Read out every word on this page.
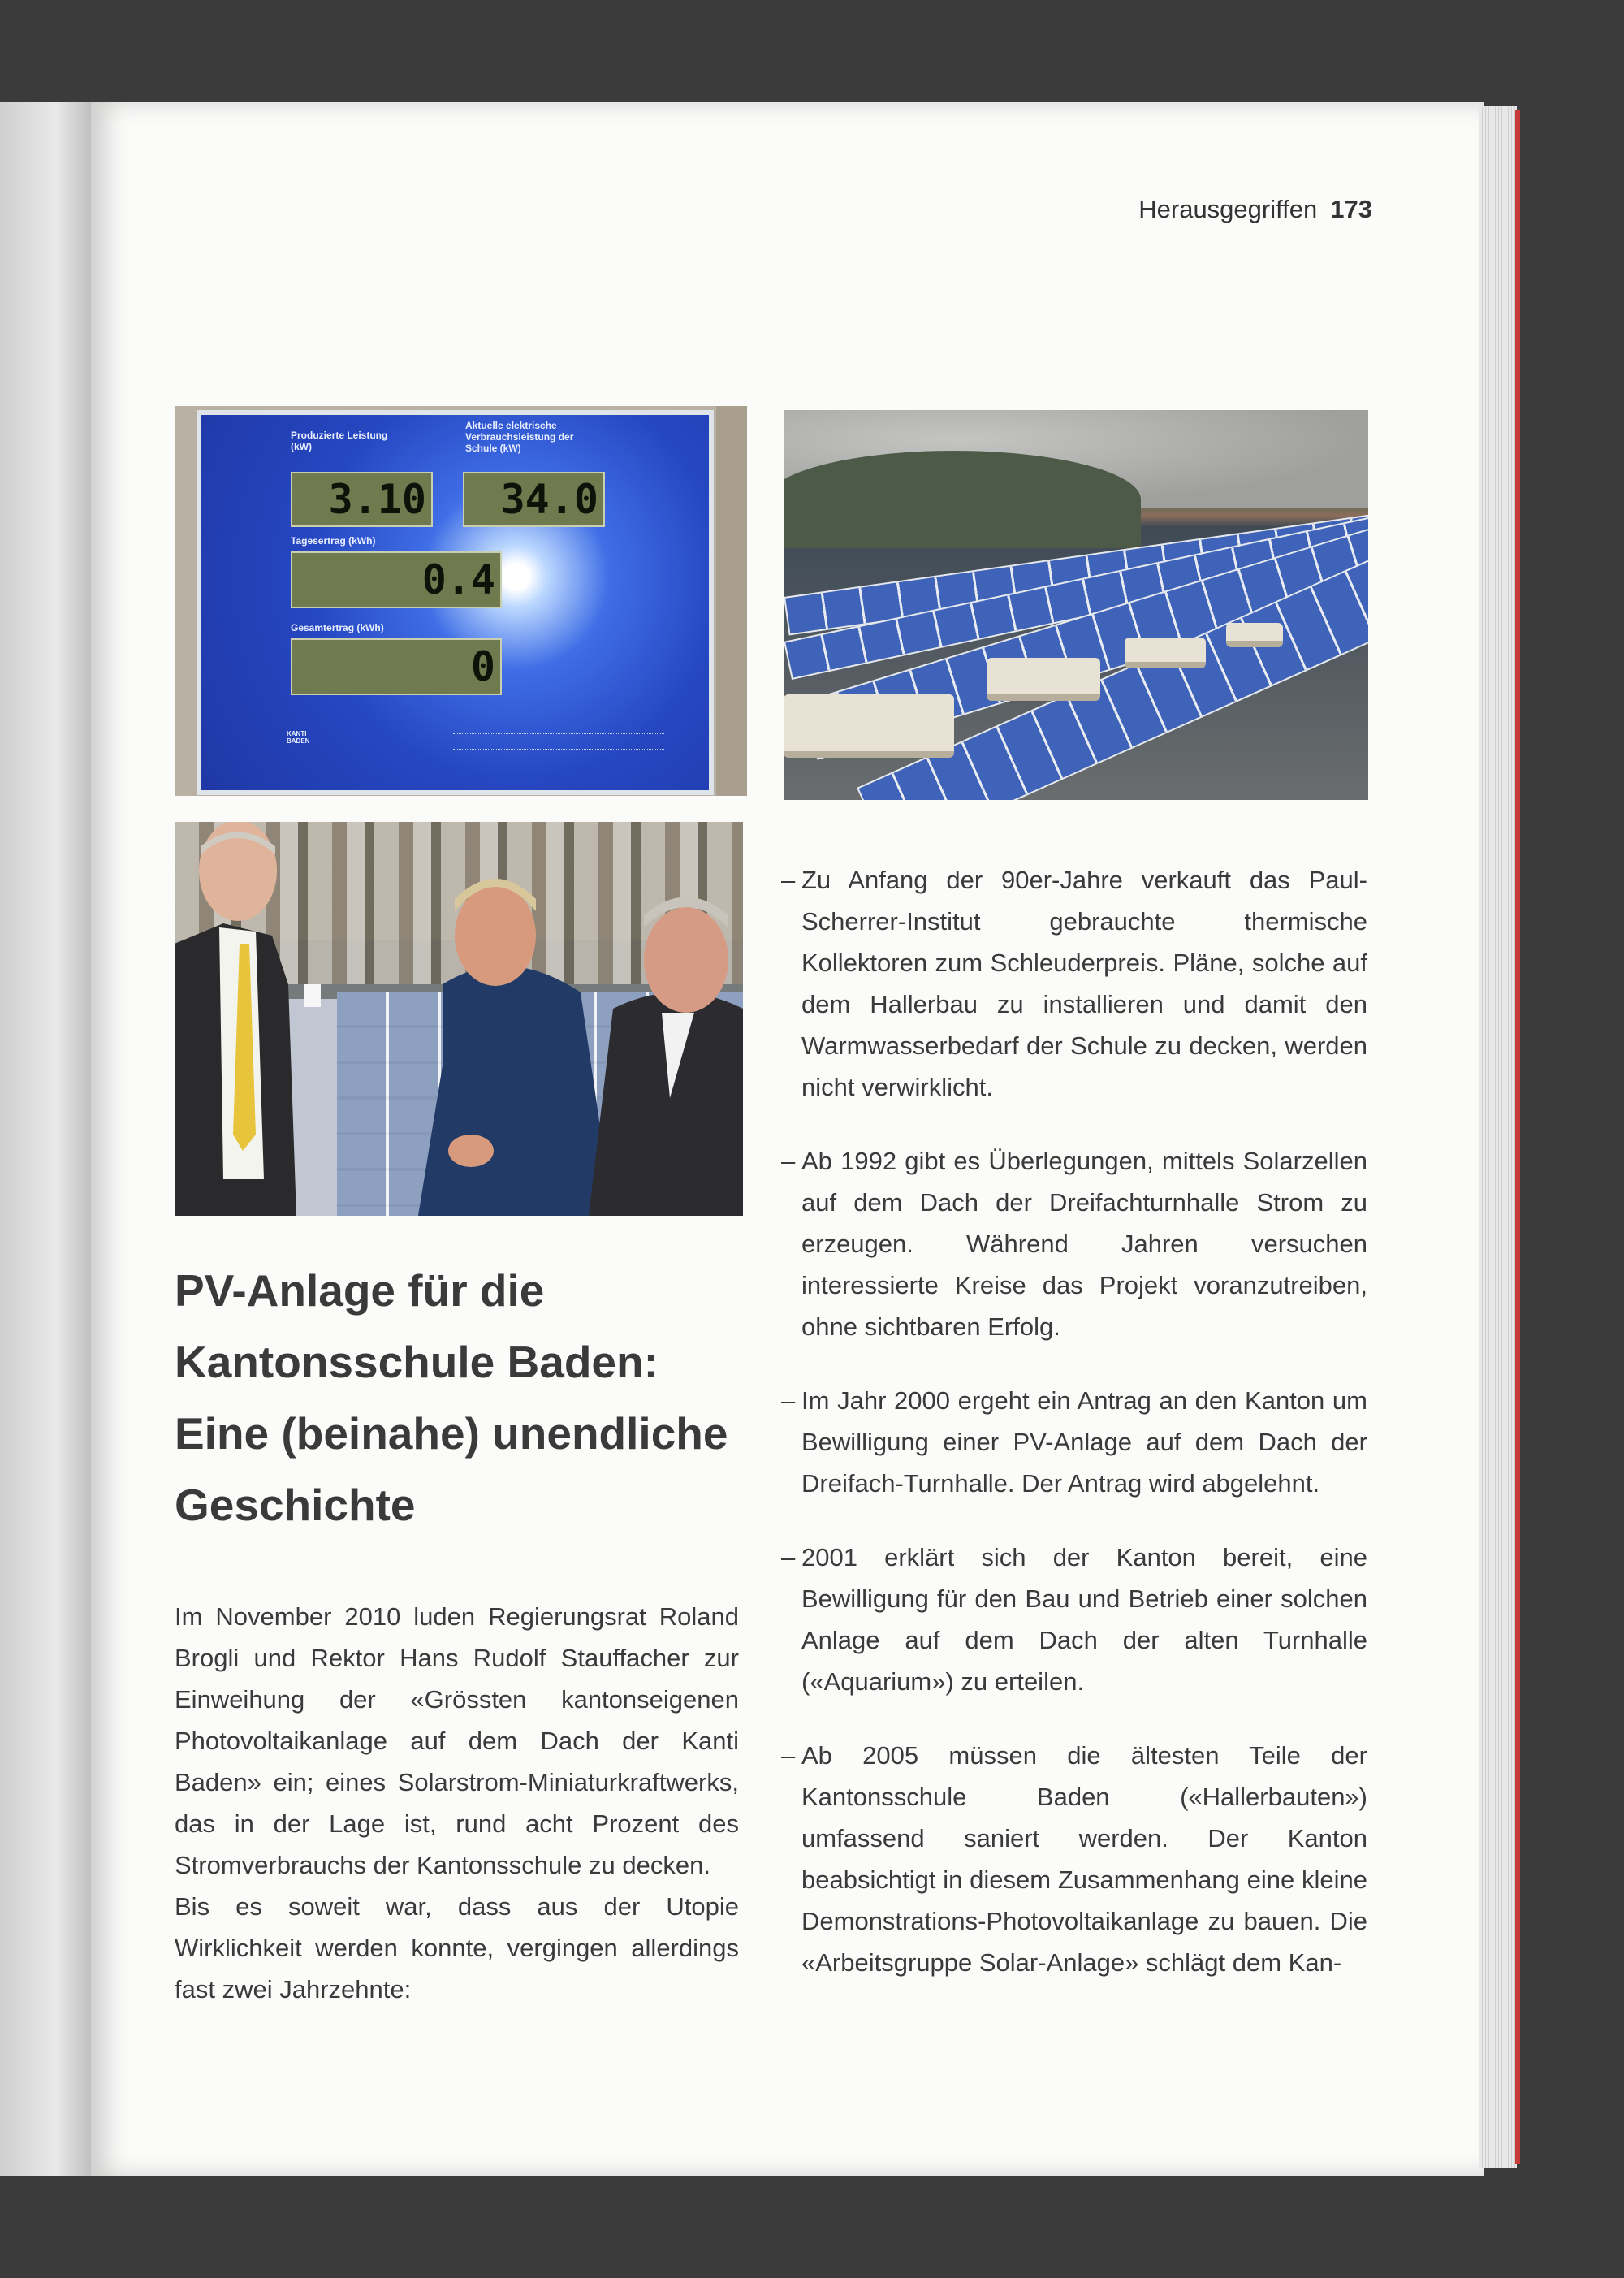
Herausgegriffen 173
Produzierte Leistung (kW)
Aktuelle elektrische Verbrauchsleistung der Schule (kW)
3.10	34.0
Tagesertrag (kWh)
0.4
Gesamtertrag (kWh)
0
KANTI BADEN
PV-Anlage für die Kantonsschule Baden: Eine (beinahe) unendliche Geschichte

Im November 2010 luden Regierungsrat Roland Brogli und Rektor Hans Rudolf Stauffacher zur Einweihung der «Grössten kantonseigenen Photovoltaikanlage auf dem Dach der Kanti Baden» ein; eines Solarstrom-Miniaturkraftwerks, das in der Lage ist, rund acht Prozent des Stromverbrauchs der Kantonsschule zu decken.

Bis es soweit war, dass aus der Utopie Wirklichkeit werden konnte, vergingen allerdings fast zwei Jahrzehnte:

– Zu Anfang der 90er-Jahre verkauft das Paul-Scherrer-Institut gebrauchte thermische Kollektoren zum Schleuderpreis. Pläne, solche auf dem Hallerbau zu installieren und damit den Warmwasserbedarf der Schule zu decken, werden nicht verwirklicht.
– Ab 1992 gibt es Überlegungen, mittels Solarzellen auf dem Dach der Dreifachturnhalle Strom zu erzeugen. Während Jahren versuchen interessierte Kreise das Projekt voranzutreiben, ohne sichtbaren Erfolg.
– Im Jahr 2000 ergeht ein Antrag an den Kanton um Bewilligung einer PV-Anlage auf dem Dach der Dreifach-Turnhalle. Der Antrag wird abgelehnt.
– 2001 erklärt sich der Kanton bereit, eine Bewilligung für den Bau und Betrieb einer solchen Anlage auf dem Dach der alten Turnhalle («Aquarium») zu erteilen.
– Ab 2005 müssen die ältesten Teile der Kantonsschule Baden («Hallerbauten») umfassend saniert werden. Der Kanton beabsichtigt in diesem Zusammenhang eine kleine Demonstrations-Photovoltaikanlage zu bauen. Die «Arbeitsgruppe Solar-Anlage» schlägt dem Kan-
